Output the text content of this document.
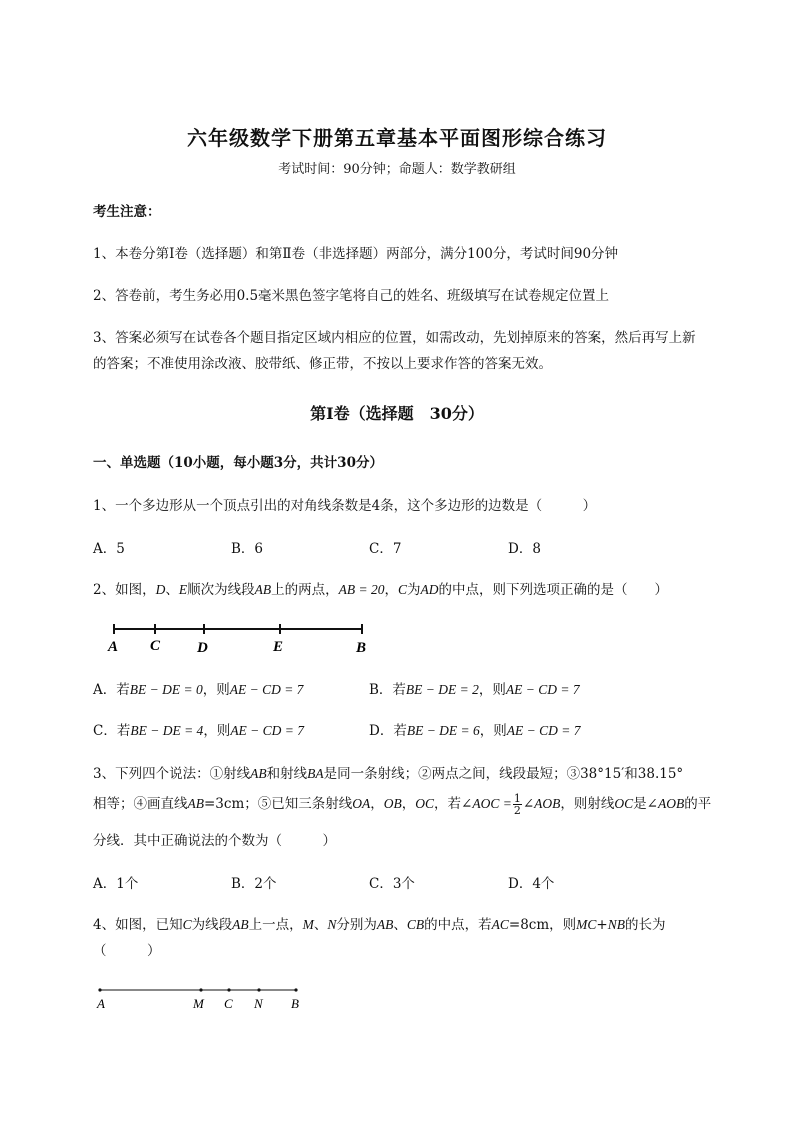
六年级数学下册第五章基本平面图形综合练习
考试时间：90分钟；命题人：数学教研组
考生注意：
1、本卷分第I卷（选择题）和第Ⅱ卷（非选择题）两部分，满分100分，考试时间90分钟
2、答卷前，考生务必用0.5毫米黑色签字笔将自己的姓名、班级填写在试卷规定位置上
3、答案必须写在试卷各个题目指定区域内相应的位置，如需改动，先划掉原来的答案，然后再写上新
的答案；不准使用涂改液、胶带纸、修正带，不按以上要求作答的答案无效。
第I卷（选择题　30分）
一、单选题（10小题，每小题3分，共计30分）
1、一个多边形从一个顶点引出的对角线条数是4条，这个多边形的边数是（　　　）
A．5	B．6	C．7	D．8
2、如图，D、E顺次为线段AB上的两点，AB = 20，C为AD的中点，则下列选项正确的是（　　）
A C D	E	B
A．若BE − DE = 0，则AE − CD = 7	B．若BE − DE = 2，则AE − CD = 7
C．若BE − DE = 4，则AE − CD = 7	D．若BE − DE = 6，则AE − CD = 7
3、下列四个说法：①射线AB和射线BA是同一条射线；②两点之间，线段最短；③38°15′和38.15°
相等；④画直线AB=3cm；⑤已知三条射线OA，OB，OC，若∠AOC = $\frac{1}{2}$ ∠AOB，则射线OC是∠AOB的平
分线．其中正确说法的个数为（　　　）
A．1个	B．2个	C．3个	D．4个
4、如图，已知C为线段AB上一点，M、N分别为AB、CB的中点，若AC=8cm，则MC+NB的长为
（　　　）
A	M C N B
